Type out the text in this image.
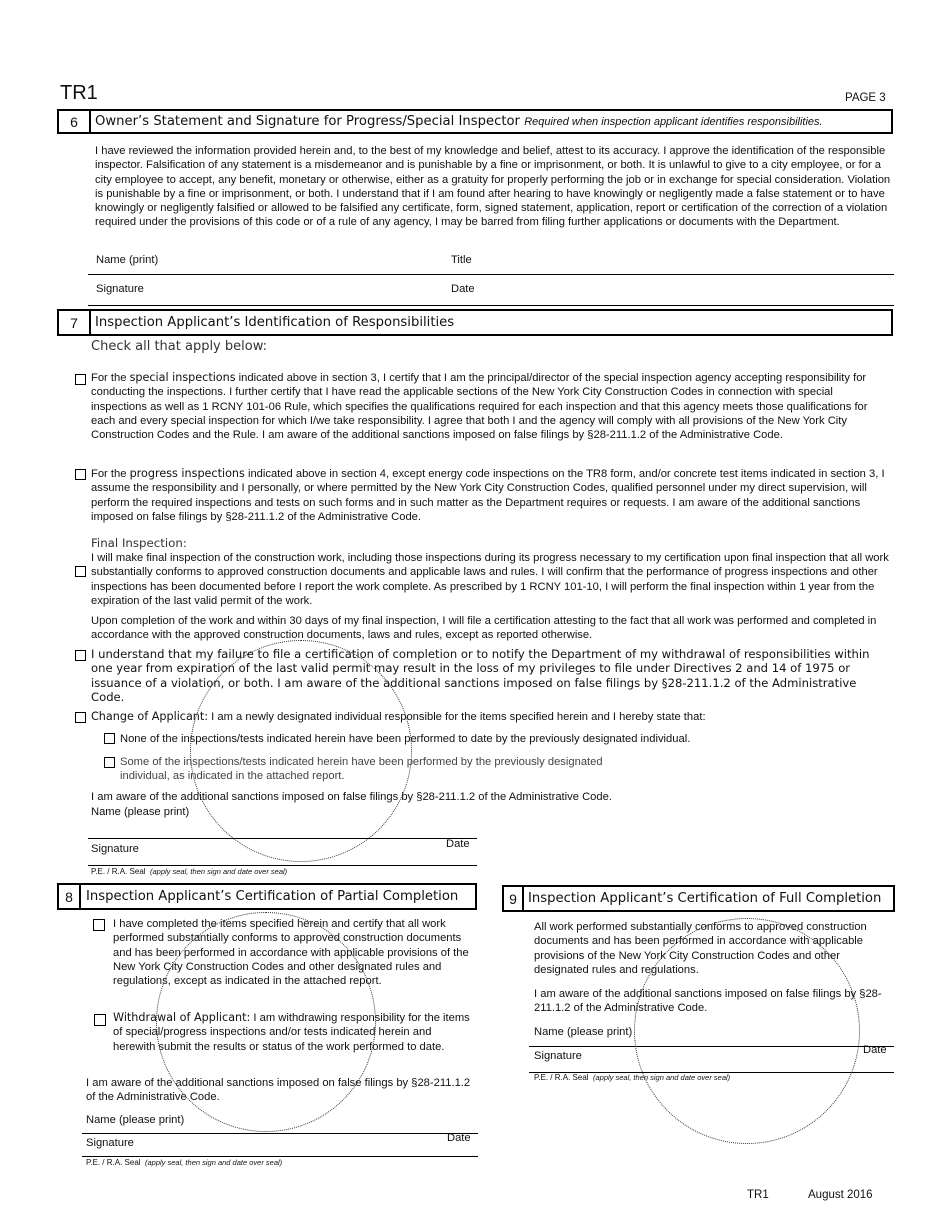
TR1	PAGE 3
6	Owner’s Statement and Signature for Progress/Special Inspector Required when inspection applicant identifies responsibilities.
I have reviewed the information provided herein and, to the best of my knowledge and belief, attest to its accuracy. I approve the identification of the responsible inspector. Falsification of any statement is a misdemeanor and is punishable by a fine or imprisonment, or both. It is unlawful to give to a city employee, or for a city employee to accept, any benefit, monetary or otherwise, either as a gratuity for properly performing the job or in exchange for special consideration. Violation is punishable by a fine or imprisonment, or both. I understand that if I am found after hearing to have knowingly or negligently made a false statement or to have knowingly or negligently falsified or allowed to be falsified any certificate, form, signed statement, application, report or certification of the correction of a violation required under the provisions of this code or of a rule of any agency, I may be barred from filing further applications or documents with the Department.
Name (print)	Title
Signature	Date
7	Inspection Applicant’s Identification of Responsibilities
Check all that apply below:
For the special inspections indicated above in section 3, I certify that I am the principal/director of the special inspection agency accepting responsibility for conducting the inspections. I further certify that I have read the applicable sections of the New York City Construction Codes in connection with special inspections as well as 1 RCNY 101-06 Rule, which specifies the qualifications required for each inspection and that this agency meets those qualifications for each and every special inspection for which I/we take responsibility. I agree that both I and the agency will comply with all provisions of the New York City Construction Codes and the Rule. I am aware of the additional sanctions imposed on false filings by §28-211.1.2 of the Administrative Code.
For the progress inspections indicated above in section 4, except energy code inspections on the TR8 form, and/or concrete test items indicated in section 3, I assume the responsibility and I personally, or where permitted by the New York City Construction Codes, qualified personnel under my direct supervision, will perform the required inspections and tests on such forms and in such matter as the Department requires or requests. I am aware of the additional sanctions imposed on false filings by §28-211.1.2 of the Administrative Code.
Final Inspection:
I will make final inspection of the construction work, including those inspections during its progress necessary to my certification upon final inspection that all work substantially conforms to approved construction documents and applicable laws and rules. I will confirm that the performance of progress inspections and other inspections has been documented before I report the work complete. As prescribed by 1 RCNY 101-10, I will perform the final inspection within 1 year from the expiration of the last valid permit of the work.
Upon completion of the work and within 30 days of my final inspection, I will file a certification attesting to the fact that all work was performed and completed in accordance with the approved construction documents, laws and rules, except as reported otherwise.
I understand that my failure to file a certification of completion or to notify the Department of my withdrawal of responsibilities within one year from expiration of the last valid permit may result in the loss of my privileges to file under Directives 2 and 14 of 1975 or issuance of a violation, or both. I am aware of the additional sanctions imposed on false filings by §28-211.1.2 of the Administrative Code.
Change of Applicant: I am a newly designated individual responsible for the items specified herein and I hereby state that:
None of the inspections/tests indicated herein have been performed to date by the previously designated individual.
Some of the inspections/tests indicated herein have been performed by the previously designated individual, as indicated in the attached report.
I am aware of the additional sanctions imposed on false filings by §28-211.1.2 of the Administrative Code.
Name (please print)
Signature	Date
P.E. / R.A. Seal (apply seal, then sign and date over seal)
8 Inspection Applicant’s Certification of Partial Completion
I have completed the items specified herein and certify that all work performed substantially conforms to approved construction documents and has been performed in accordance with applicable provisions of the New York City Construction Codes and other designated rules and regulations, except as indicated in the attached report.
Withdrawal of Applicant: I am withdrawing responsibility for the items of special/progress inspections and/or tests indicated herein and herewith submit the results or status of the work performed to date.
I am aware of the additional sanctions imposed on false filings by §28-211.1.2 of the Administrative Code.
Name (please print)
Signature	Date
P.E. / R.A. Seal (apply seal, then sign and date over seal)
9 Inspection Applicant’s Certification of Full Completion
All work performed substantially conforms to approved construction documents and has been performed in accordance with applicable provisions of the New York City Construction Codes and other designated rules and regulations.
I am aware of the additional sanctions imposed on false filings by §28-211.1.2 of the Administrative Code.
Name (please print)
Signature	Date
P.E. / R.A. Seal (apply seal, then sign and date over seal)
TR1	August 2016
